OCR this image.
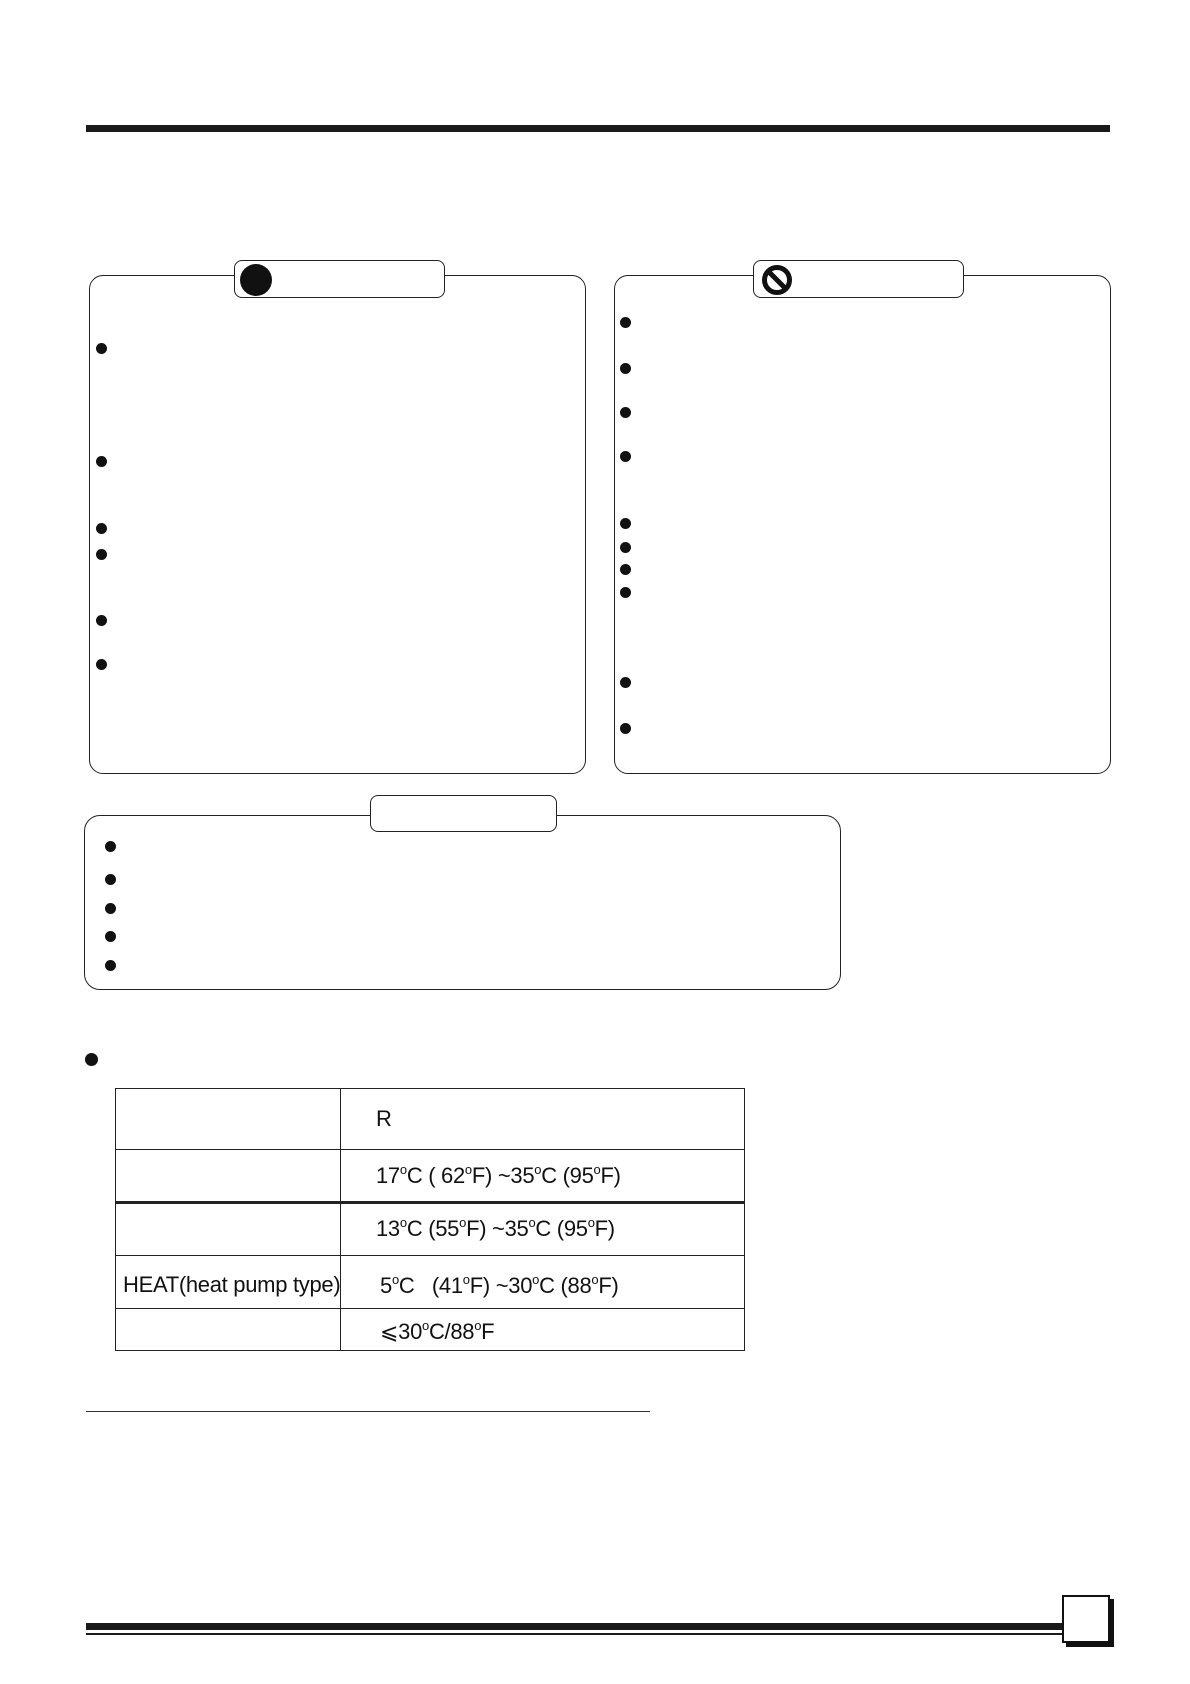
R
17$^o$C ( 62$^o$F) ~35$^o$C (95$^o$F)
13$^o$C (55$^o$F) ~35$^o$C (95$^o$F)
HEAT(heat pump type) 5$^o$C   (41$^o$F) ~30$^o$C (88$^o$F)
⩽30$^o$C/88$^o$F
